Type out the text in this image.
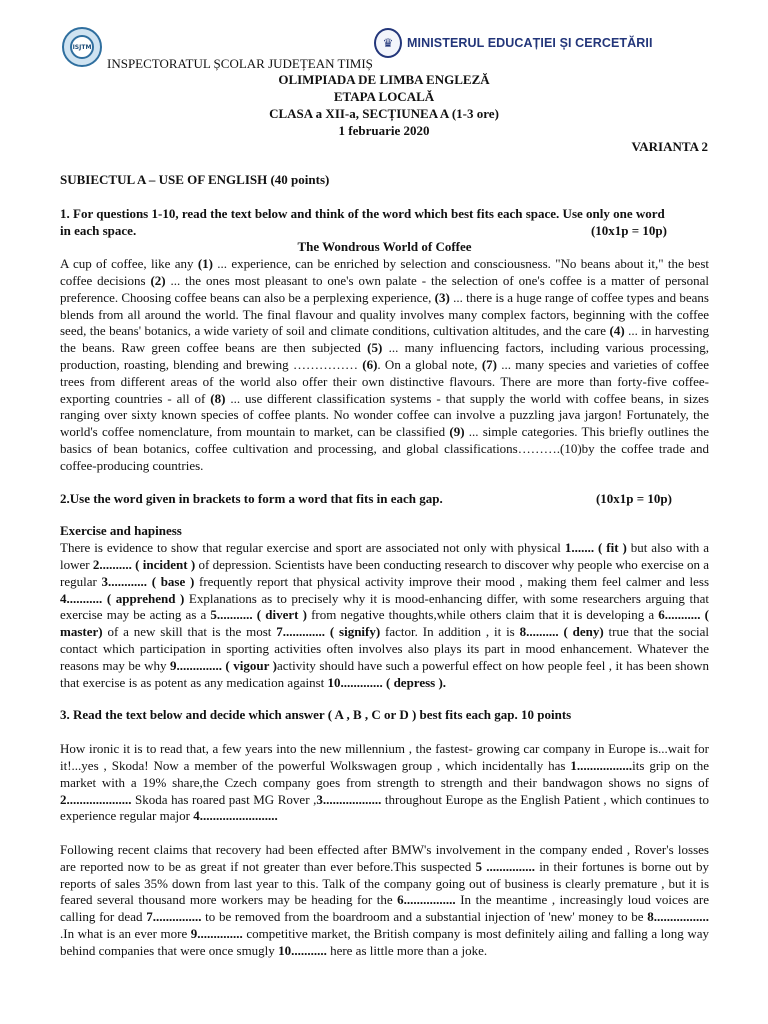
ISJTM	♛ MINISTERUL EDUCAȚIEI ȘI CERCETĂRII
INSPECTORATUL ȘCOLAR JUDEȚEAN TIMIȘ
OLIMPIADA DE LIMBA ENGLEZĂ
ETAPA LOCALĂ
CLASA a XII-a, SECȚIUNEA A (1-3 ore)
1 februarie 2020
VARIANTA 2

SUBIECTUL A – USE OF ENGLISH (40 points)

1. For questions 1-10, read the text below and think of the word which best fits each space. Use only one word

in each space.	(10x1p = 10p)

The Wondrous World of Coffee

A cup of coffee, like any (1) ... experience, can be enriched by selection and consciousness. "No beans about it," the best coffee decisions (2) ... the ones most pleasant to one's own palate - the selection of one's coffee is a matter of personal preference. Choosing coffee beans can also be a perplexing experience, (3) ... there is a huge range of coffee types and beans blends from all around the world. The final flavour and quality involves many complex factors, beginning with the coffee seed, the beans' botanics, a wide variety of soil and climate conditions, cultivation altitudes, and the care (4) ... in harvesting the beans. Raw green coffee beans are then subjected (5) ... many influencing factors, including various processing, production, roasting, blending and brewing …………… (6). On a global note, (7) ... many species and varieties of coffee trees from different areas of the world also offer their own distinctive flavours. There are more than forty-five coffee-exporting countries - all of (8) ... use different classification systems - that supply the world with coffee beans, in sizes ranging over sixty known species of coffee plants. No wonder coffee can involve a puzzling java jargon! Fortunately, the world's coffee nomenclature, from mountain to market, can be classified (9) ... simple categories. This briefly outlines the basics of bean botanics, coffee cultivation and processing, and global classifications……….(10)by the coffee trade and coffee-producing countries.

2.Use the word given in brackets to form a word that fits in each gap.	(10x1p = 10p)

Exercise and hapiness

There is evidence to show that regular exercise and sport are associated not only with physical 1....... ( fit ) but also with a lower 2.......... ( incident ) of depression. Scientists have been conducting research to discover why people who exercise on a regular 3............ ( base ) frequently report that physical activity improve their mood , making them feel calmer and less 4........... ( apprehend ) Explanations as to precisely why it is mood-enhancing differ, with some researchers arguing that exercise may be acting as a 5........... ( divert ) from negative thoughts,while others claim that it is developing a 6........... ( master) of a new skill that is the most 7............. ( signify) factor. In addition , it is 8.......... ( deny) true that the social contact which participation in sporting activities often involves also plays its part in mood enhancement. Whatever the reasons may be why 9.............. ( vigour )activity should have such a powerful effect on how people feel , it has been shown that exercise is as potent as any medication against 10............. ( depress ).

3. Read the text below and decide which answer ( A , B , C or D ) best fits each gap. 10 points

How ironic it is to read that, a few years into the new millennium , the fastest- growing car company in Europe is...wait for it!...yes , Skoda! Now a member of the powerful Wolkswagen group , which incidentally has 1.................its grip on the market with a 19% share,the Czech company goes from strength to strength and their bandwagon shows no signs of 2.................... Skoda has roared past MG Rover ,3.................. throughout Europe as the English Patient , which continues to experience regular major 4........................

Following recent claims that recovery had been effected after BMW's involvement in the company ended , Rover's losses are reported now to be as great if not greater than ever before.This suspected 5 ............... in their fortunes is borne out by reports of sales 35% down from last year to this. Talk of the company going out of business is clearly premature , but it is feared several thousand more workers may be heading for the 6................ In the meantime , increasingly loud voices are calling for dead 7............... to be removed from the boardroom and a substantial injection of 'new' money to be 8................. .In what is an ever more 9.............. competitive market, the British company is most definitely ailing and falling a long way behind companies that were once smugly 10........... here as little more than a joke.
